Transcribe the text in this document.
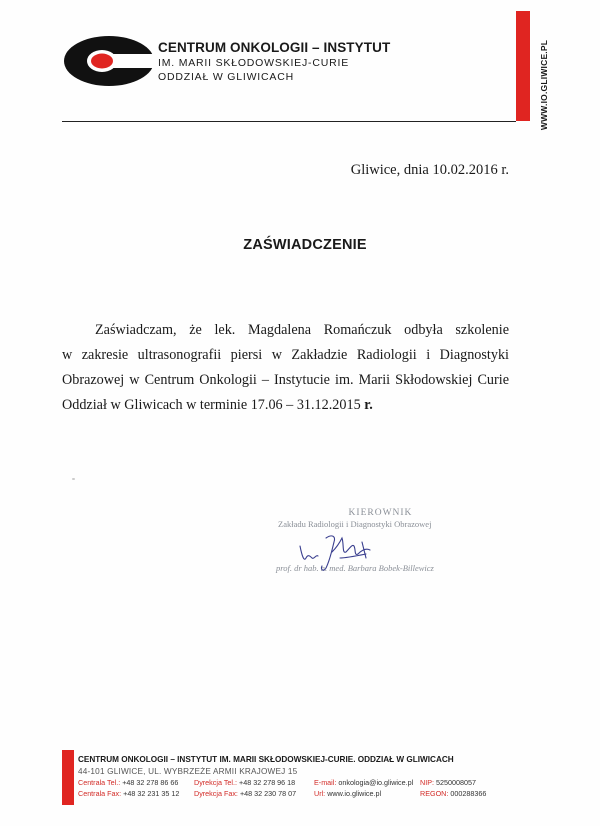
CENTRUM ONKOLOGII – INSTYTUT
IM. MARII SKŁODOWSKIEJ-CURIE
ODDZIAŁ W GLIWICACH	WWW.IO.GLIWICE.PL
Gliwice, dnia 10.02.2016 r.
ZAŚWIADCZENIE
Zaświadczam, że lek. Magdalena Romańczuk odbyła szkolenie
w zakresie ultrasonografii piersi w Zakładzie Radiologii i Diagnostyki
Obrazowej w Centrum Onkologii – Instytucie im. Marii Skłodowskiej Curie
Oddział w Gliwicach w terminie 17.06 – 31.12.2015 r.
KIEROWNIK
Zakładu Radiologii i Diagnostyki Obrazowej
prof. dr hab. n. med. Barbara Bobek-Billewicz
CENTRUM ONKOLOGII – INSTYTUT IM. MARII SKŁODOWSKIEJ-CURIE. ODDZIAŁ W GLIWICACH
44-101 GLIWICE, UL. WYBRZEŻE ARMII KRAJOWEJ 15
Centrala Tel.: +48 32 278 86 66 Dyrekcja Tel.: +48 32 278 96 18	E-mail: onkologia@io.gliwice.pl NIP: 5250008057
Centrala Fax: +48 32 231 35 12 Dyrekcja Fax: +48 32 230 78 07 Url: www.io.gliwice.pl	REGON: 000288366
